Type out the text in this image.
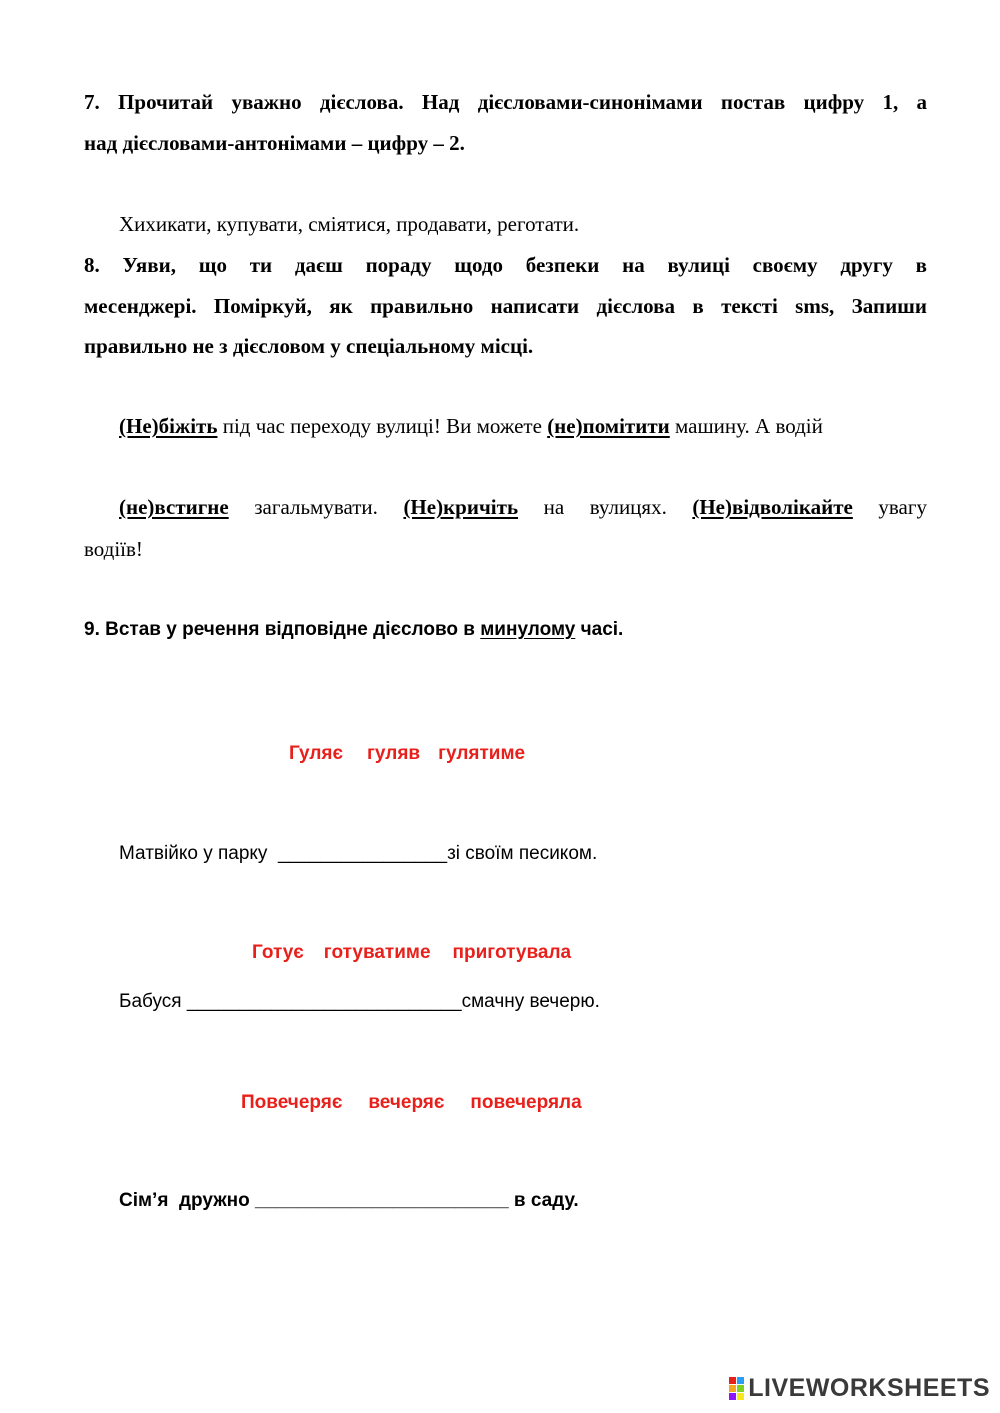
7. Прочитай уважно дієслова. Над дієсловами-синонімами постав цифру 1, а
над дієсловами-антонімами – цифру – 2.
Хихикати, купувати, сміятися, продавати, реготати.
8. Уяви, що ти даєш пораду щодо безпеки на вулиці своєму другу в
месенджері. Поміркуй, як правильно написати дієслова в тексті sms, Запиши
правильно не з дієсловом у спеціальному місці.
(Не)біжіть під час переходу вулиці! Ви можете (не)помітити машину. А водій
(не)встигне загальмувати. (Не)кричіть на вулицях. (Не)відволікайте увагу
водіїв!
9. Встав у речення відповідне дієслово в минулому часі.
Гуляє гуляв гулятиме
Матвійко у парку  ________________зі своїм песиком.
Готує готуватиме приготувала
Бабуся __________________________смачну вечерю.
Повечеряє вечеряє повечеряла
Сім’я  дружно ________________________ в саду.
LIVEWORKSHEETS
